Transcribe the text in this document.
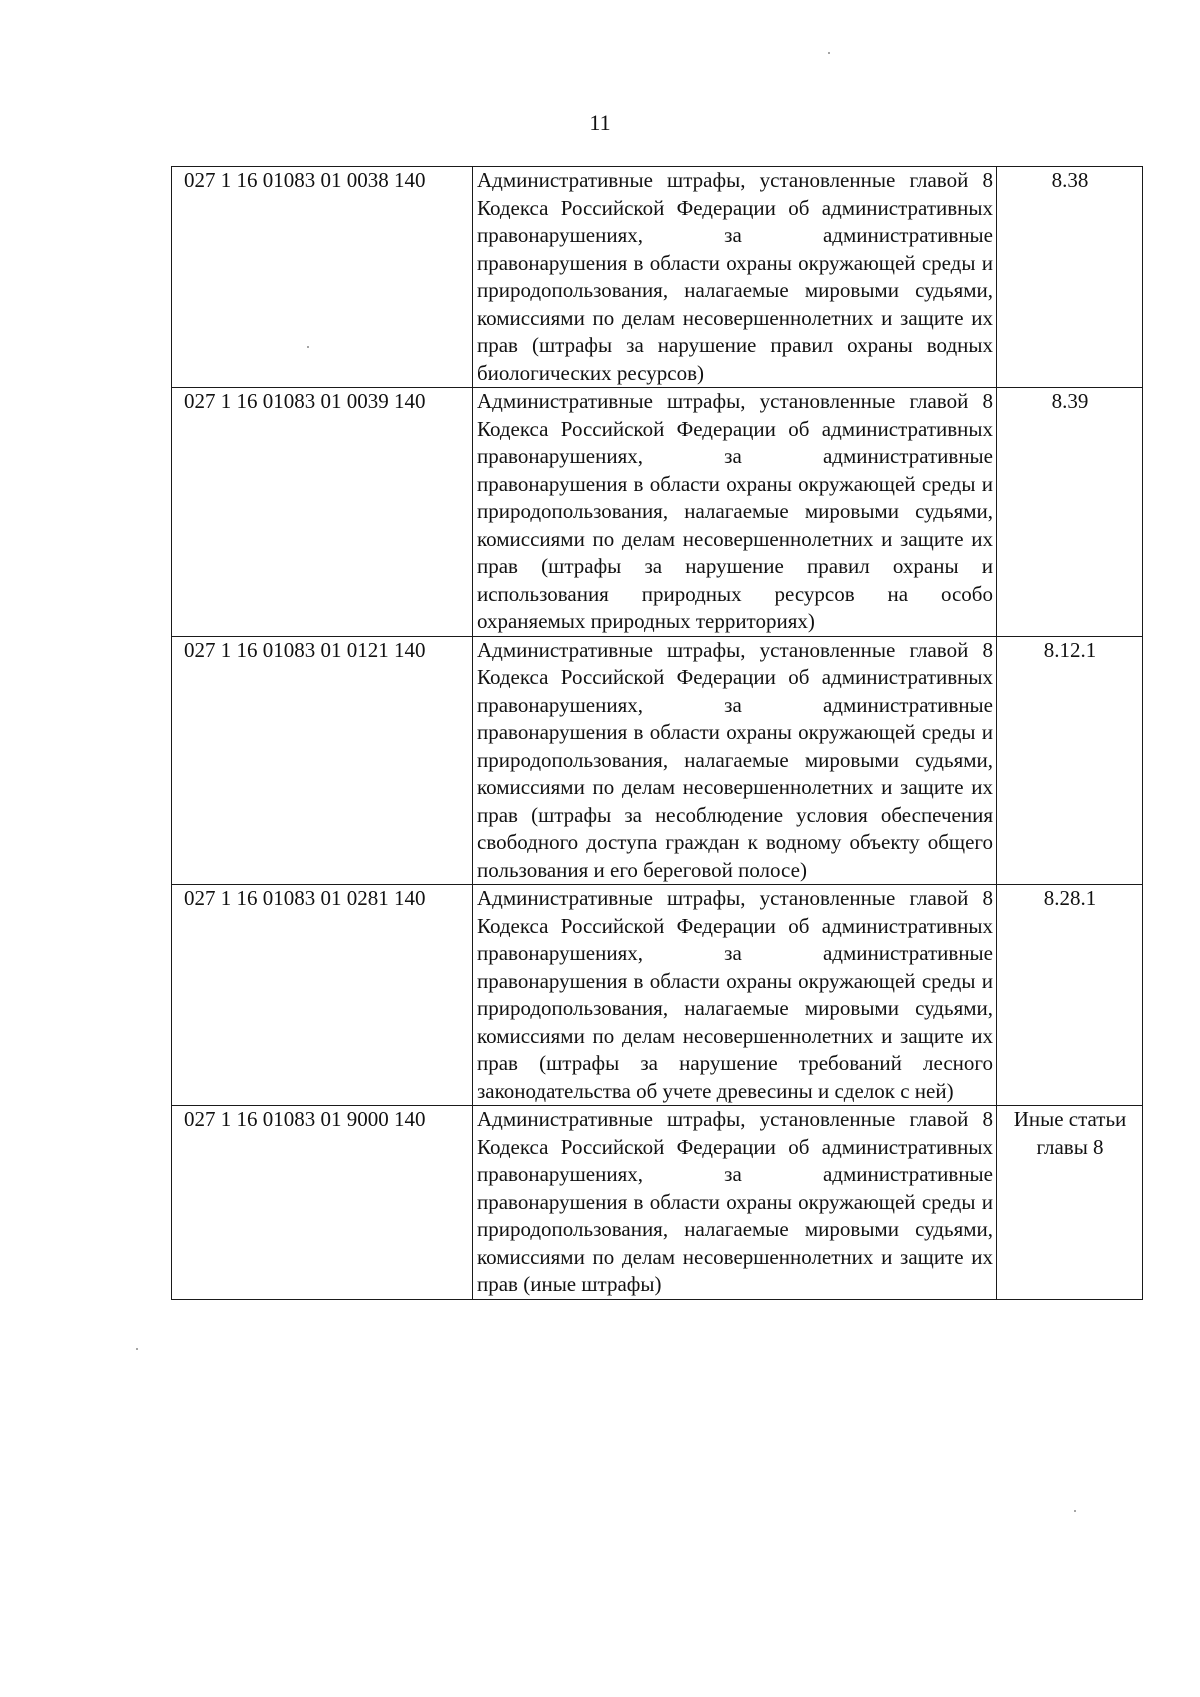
11
027 1 16 01083 01 0038 140	Административные штрафы, установленные главой 8 Кодекса Российской Федерации об административных правонарушениях, за административные правонарушения в области охраны окружающей среды и природопользования, налагаемые мировыми судьями, комиссиями по делам несовершеннолетних и защите их прав (штрафы за нарушение правил охраны водных биологических ресурсов)	8.38
027 1 16 01083 01 0039 140	Административные штрафы, установленные главой 8 Кодекса Российской Федерации об административных правонарушениях, за административные правонарушения в области охраны окружающей среды и природопользования, налагаемые мировыми судьями, комиссиями по делам несовершеннолетних и защите их прав (штрафы за нарушение правил охраны и использования природных ресурсов на особо охраняемых природных территориях)	8.39
027 1 16 01083 01 0121 140	Административные штрафы, установленные главой 8 Кодекса Российской Федерации об административных правонарушениях, за административные правонарушения в области охраны окружающей среды и природопользования, налагаемые мировыми судьями, комиссиями по делам несовершеннолетних и защите их прав (штрафы за несоблюдение условия обеспечения свободного доступа граждан к водному объекту общего пользования и его береговой полосе)	8.12.1
027 1 16 01083 01 0281 140	Административные штрафы, установленные главой 8 Кодекса Российской Федерации об административных правонарушениях, за административные правонарушения в области охраны окружающей среды и природопользования, налагаемые мировыми судьями, комиссиями по делам несовершеннолетних и защите их прав (штрафы за нарушение требований лесного законодательства об учете древесины и сделок с ней)	8.28.1
027 1 16 01083 01 9000 140	Административные штрафы, установленные главой 8 Кодекса Российской Федерации об административных правонарушениях, за административные правонарушения в области охраны окружающей среды и природопользования, налагаемые мировыми судьями, комиссиями по делам несовершеннолетних и защите их прав (иные штрафы)	Иные статьи главы 8
